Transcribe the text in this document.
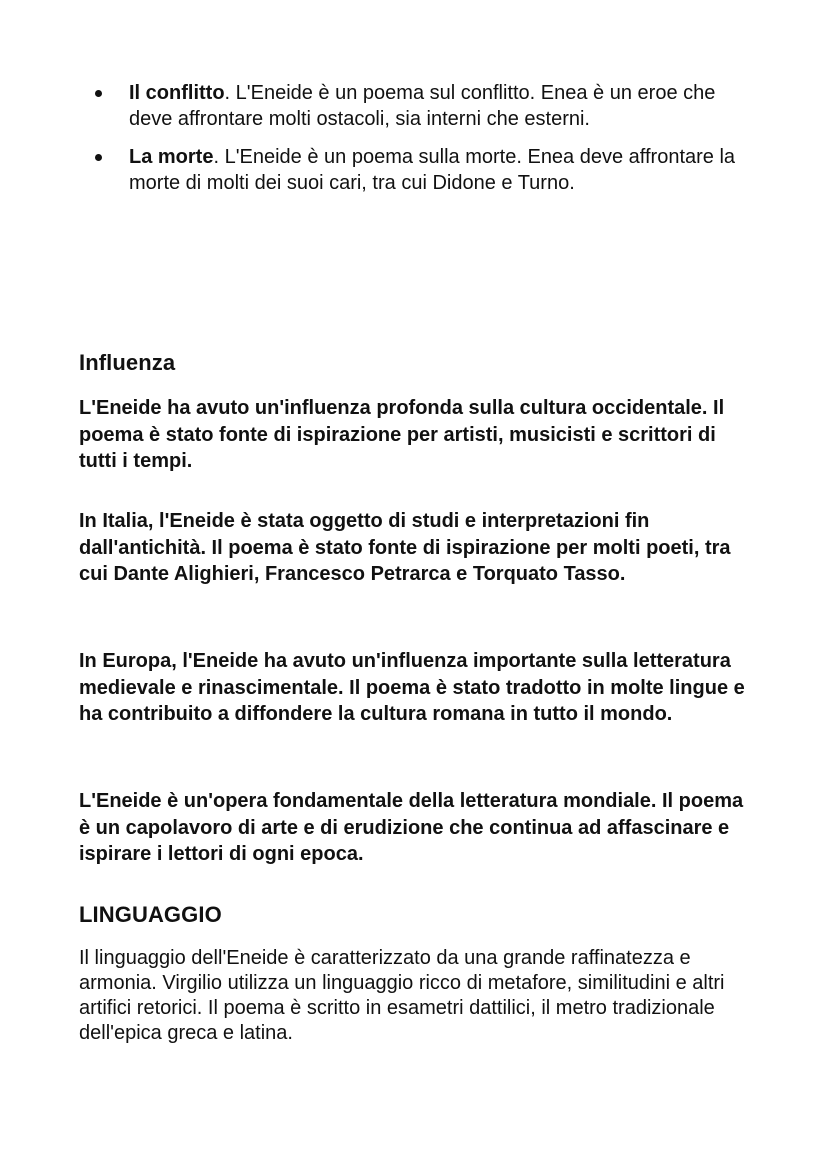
Il conflitto. L'Eneide è un poema sul conflitto. Enea è un eroe che deve affrontare molti ostacoli, sia interni che esterni.
La morte. L'Eneide è un poema sulla morte. Enea deve affrontare la morte di molti dei suoi cari, tra cui Didone e Turno.
Influenza

L'Eneide ha avuto un'influenza profonda sulla cultura occidentale. Il poema è stato fonte di ispirazione per artisti, musicisti e scrittori di tutti i tempi.

In Italia, l'Eneide è stata oggetto di studi e interpretazioni fin dall'antichità. Il poema è stato fonte di ispirazione per molti poeti, tra cui Dante Alighieri, Francesco Petrarca e Torquato Tasso.

In Europa, l'Eneide ha avuto un'influenza importante sulla letteratura medievale e rinascimentale. Il poema è stato tradotto in molte lingue e ha contribuito a diffondere la cultura romana in tutto il mondo.

L'Eneide è un'opera fondamentale della letteratura mondiale. Il poema è un capolavoro di arte e di erudizione che continua ad affascinare e ispirare i lettori di ogni epoca.

LINGUAGGIO

Il linguaggio dell'Eneide è caratterizzato da una grande raffinatezza e armonia. Virgilio utilizza un linguaggio ricco di metafore, similitudini e altri artifici retorici. Il poema è scritto in esametri dattilici, il metro tradizionale dell'epica greca e latina.
